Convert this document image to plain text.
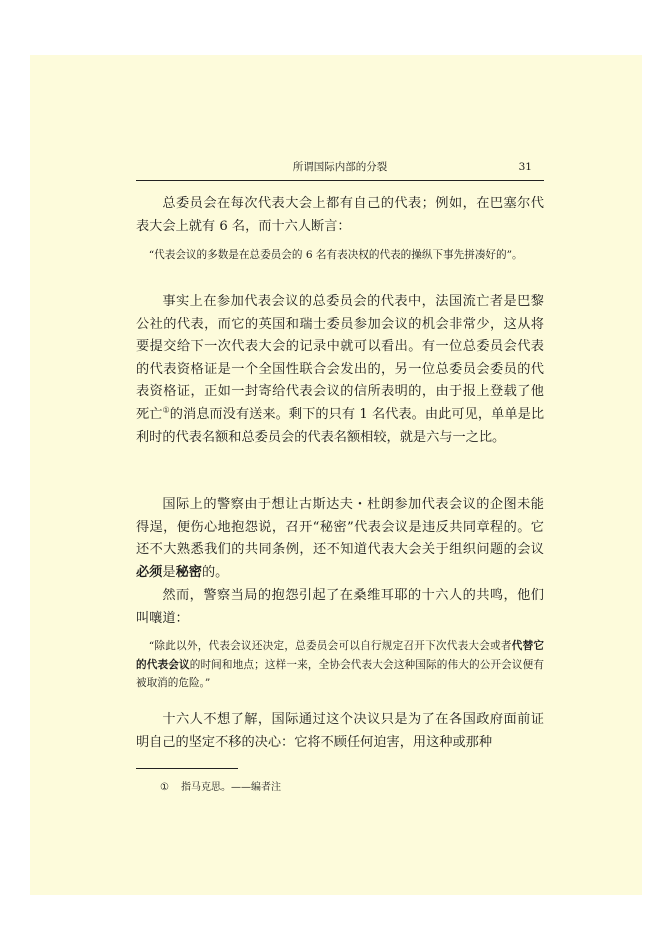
所谓国际内部的分裂	31

总委员会在每次代表大会上都有自己的代表；例如，在巴塞尔代表大会上就有 6 名，而十六人断言：

“代表会议的多数是在总委员会的 6 名有表决权的代表的操纵下事先拼凑好的”。

事实上在参加代表会议的总委员会的代表中，法国流亡者是巴黎公社的代表，而它的英国和瑞士委员参加会议的机会非常少，这从将要提交给下一次代表大会的记录中就可以看出。有一位总委员会代表的代表资格证是一个全国性联合会发出的，另一位总委员会委员的代表资格证，正如一封寄给代表会议的信所表明的，由于报上登载了他死亡①的消息而没有送来。剩下的只有 1 名代表。由此可见，单单是比利时的代表名额和总委员会的代表名额相较，就是六与一之比。

国际上的警察由于想让古斯达夫・杜朗参加代表会议的企图未能得逞，便伤心地抱怨说，召开“秘密”代表会议是违反共同章程的。它还不大熟悉我们的共同条例，还不知道代表大会关于组织问题的会议必须是秘密的。

然而，警察当局的抱怨引起了在桑维耳耶的十六人的共鸣，他们叫嚷道：

“除此以外，代表会议还决定，总委员会可以自行规定召开下次代表大会或者代替它的代表会议的时间和地点；这样一来，全协会代表大会这种国际的伟大的公开会议便有被取消的危险。”

十六人不想了解，国际通过这个决议只是为了在各国政府面前证明自己的坚定不移的决心：它将不顾任何迫害，用这种或那种

① 指马克思。——编者注
